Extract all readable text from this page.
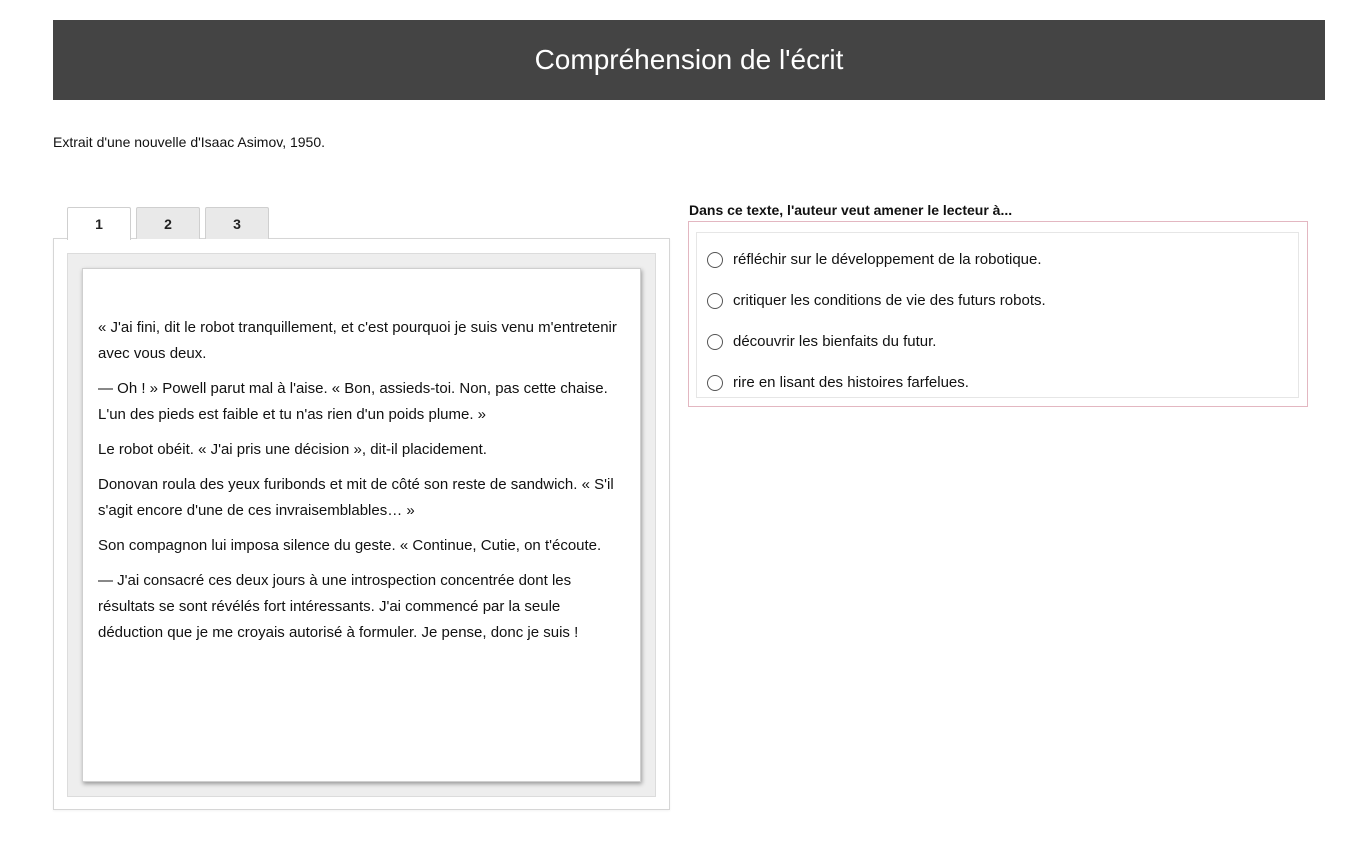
Compréhension de l'écrit
Extrait d'une nouvelle d'Isaac Asimov, 1950.
1	2	3

« J'ai fini, dit le robot tranquillement, et c'est pourquoi je suis venu m'entretenir avec vous deux.

— Oh ! » Powell parut mal à l'aise. « Bon, assieds-toi. Non, pas cette chaise. L'un des pieds est faible et tu n'as rien d'un poids plume. »

Le robot obéit. « J'ai pris une décision », dit-il placidement.

Donovan roula des yeux furibonds et mit de côté son reste de sandwich. « S'il s'agit encore d'une de ces invraisemblables… »

Son compagnon lui imposa silence du geste. « Continue, Cutie, on t'écoute.

— J'ai consacré ces deux jours à une introspection concentrée dont les résultats se sont révélés fort intéressants. J'ai commencé par la seule déduction que je me croyais autorisé à formuler. Je pense, donc je suis !

Dans ce texte, l'auteur veut amener le lecteur à...
réfléchir sur le développement de la robotique.
critiquer les conditions de vie des futurs robots.
découvrir les bienfaits du futur.
rire en lisant des histoires farfelues.
